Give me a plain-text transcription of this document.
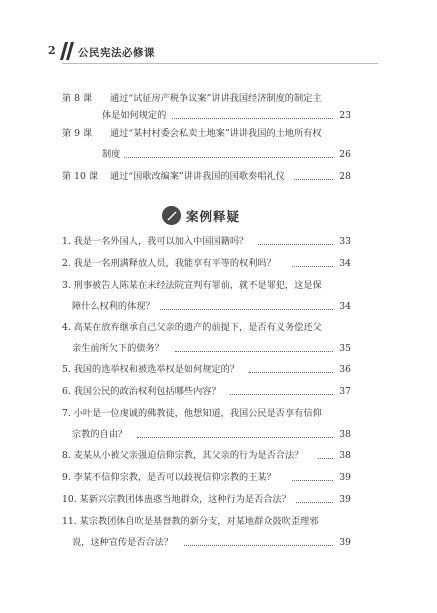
2 公民宪法必修课
第 8 课 通过“试征房产税争议案”讲讲我国经济制度的制定主
体是如何规定的	23
第 9 课 通过“某村村委会私卖土地案”讲讲我国的土地所有权
制度	26
第 10 课 通过“国歌改编案”讲讲我国的国歌奏唱礼仪	28
案例释疑
1. 我是一名外国人，我可以加入中国国籍吗？	33
2. 我是一名刑满释放人员，我能享有平等的权利吗？	34
3. 刑事被告人陈某在未经法院宣判有罪前，就不是罪犯，这是保
障什么权利的体现？	34
4. 高某在放弃继承自己父亲的遗产的前提下，是否有义务偿还父
亲生前所欠下的债务？	35
5. 我国的选举权和被选举权是如何规定的？	36
6. 我国公民的政治权利包括哪些内容？	37
7. 小叶是一位虔诚的佛教徒，他想知道，我国公民是否享有信仰
宗教的自由？	38
8. 麦某从小被父亲强迫信仰宗教，其父亲的行为是否合法？	38
9. 李某不信仰宗教，是否可以歧视信仰宗教的王某？	39
10. 某新兴宗教团体蛊惑当地群众，这种行为是否合法？	39
11. 某宗教团体自吹是基督教的新分支，对某地群众鼓吹歪理邪
说，这种宣传是否合法？	39
